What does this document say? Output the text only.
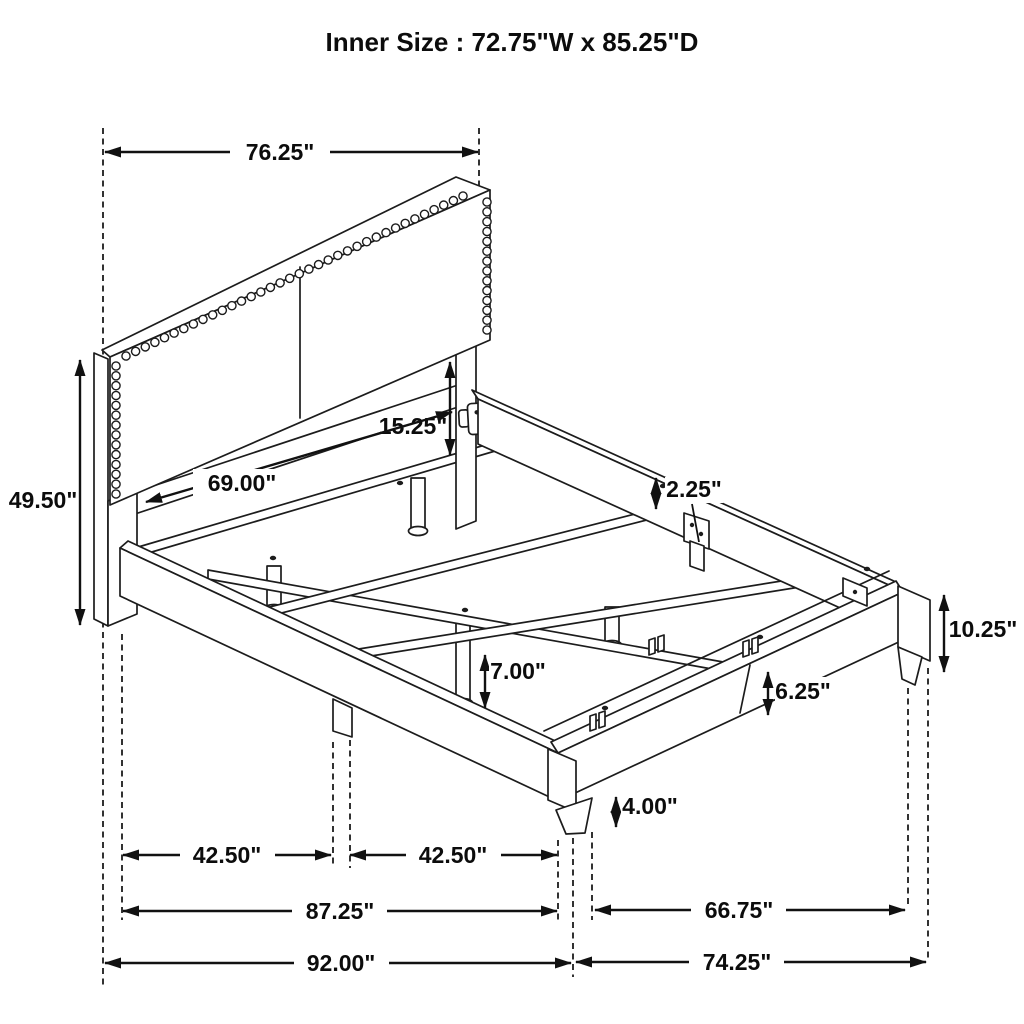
Inner Size : 72.75"W x 85.25"D
76.25"
49.50"
15.25"
69.00"	2.25"
10.25"
7.00"
6.25"
4.00"
42.50"	42.50"
87.25"
92.00"
66.75"
74.25"
